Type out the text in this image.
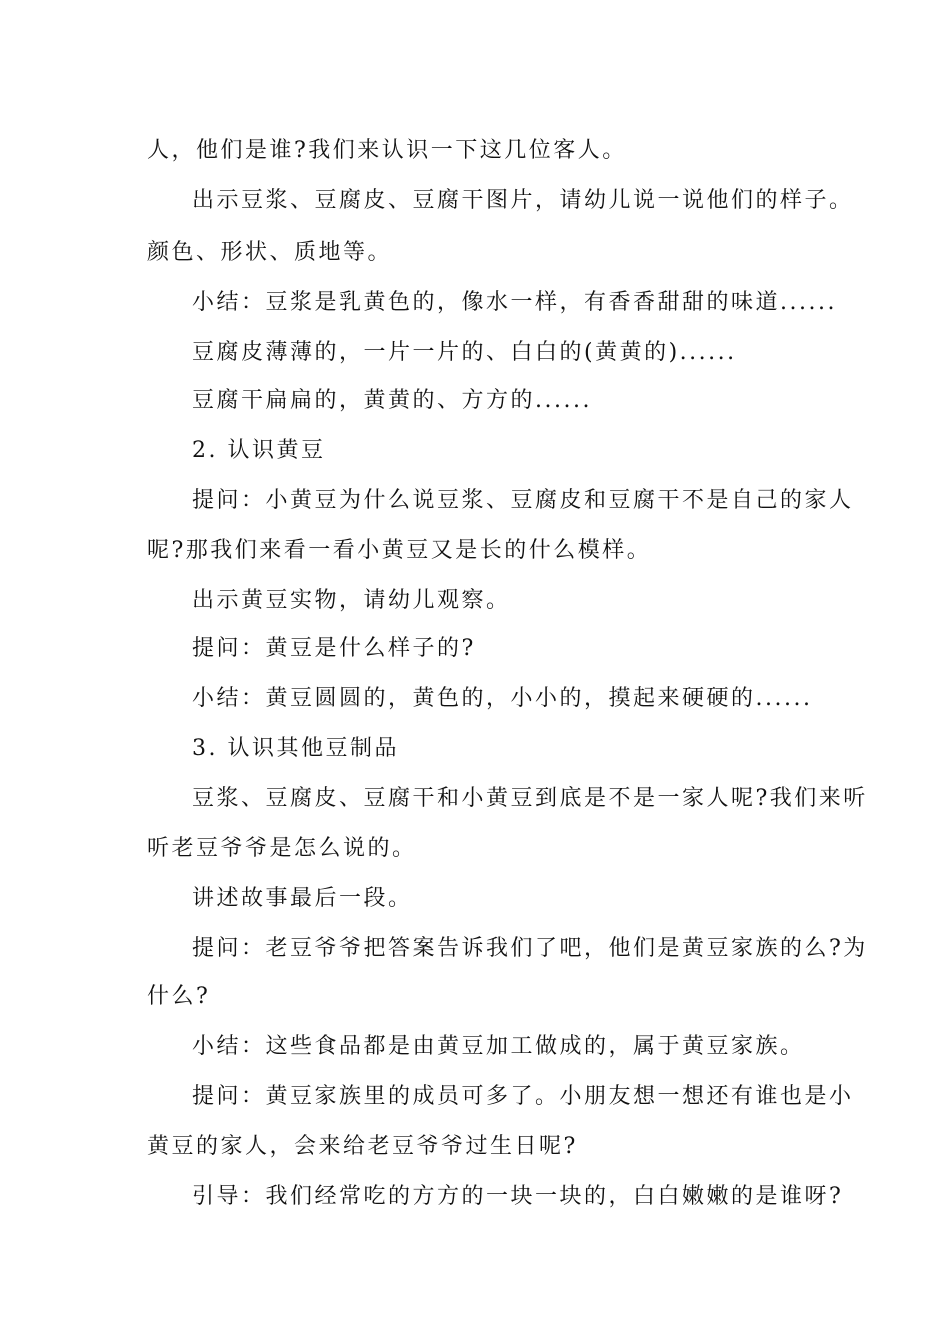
人，他们是谁?我们来认识一下这几位客人。
出示豆浆、豆腐皮、豆腐干图片，请幼儿说一说他们的样子。
颜色、形状、质地等。
小结：豆浆是乳黄色的，像水一样，有香香甜甜的味道......
豆腐皮薄薄的，一片一片的、白白的(黄黄的)......
豆腐干扁扁的，黄黄的、方方的......
2. 认识黄豆
提问：小黄豆为什么说豆浆、豆腐皮和豆腐干不是自己的家人
呢?那我们来看一看小黄豆又是长的什么模样。
出示黄豆实物，请幼儿观察。
提问：黄豆是什么样子的?
小结：黄豆圆圆的，黄色的，小小的，摸起来硬硬的......
3. 认识其他豆制品
豆浆、豆腐皮、豆腐干和小黄豆到底是不是一家人呢?我们来听
听老豆爷爷是怎么说的。
讲述故事最后一段。
提问：老豆爷爷把答案告诉我们了吧，他们是黄豆家族的么?为
什么?
小结：这些食品都是由黄豆加工做成的，属于黄豆家族。
提问：黄豆家族里的成员可多了。小朋友想一想还有谁也是小
黄豆的家人，会来给老豆爷爷过生日呢?
引导：我们经常吃的方方的一块一块的，白白嫩嫩的是谁呀?
